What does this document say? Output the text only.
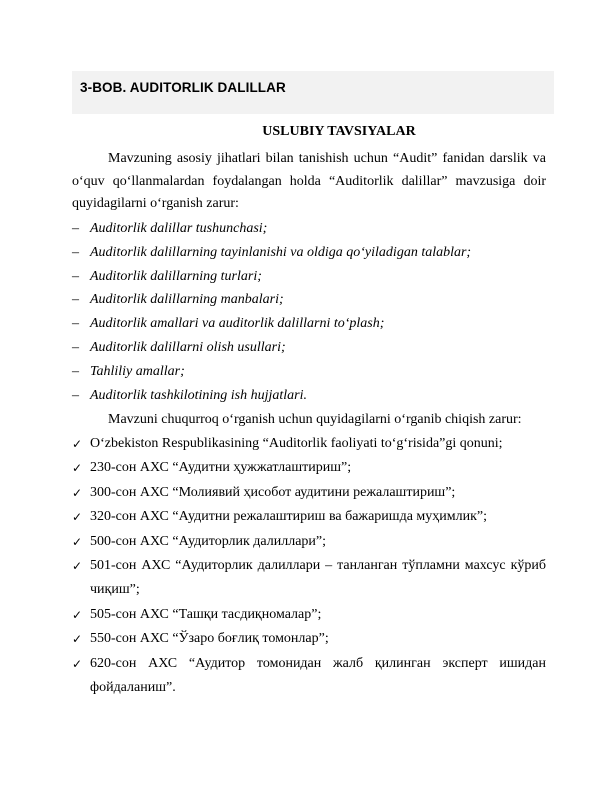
3-BOB. AUDITORLIK DALILLAR
USLUBIY TAVSIYALAR
Mavzuning asosiy jihatlari bilan tanishish uchun “Audit” fanidan darslik va o‘quv qo‘llanmalardan foydalangan holda “Auditorlik dalillar” mavzusiga doir quyidagilarni o‘rganish zarur:
– Auditorlik dalillar tushunchasi;
– Auditorlik dalillarning tayinlanishi va oldiga qo‘yiladigan talablar;
– Auditorlik dalillarning turlari;
– Auditorlik dalillarning manbalari;
– Auditorlik amallari va auditorlik dalillarni to‘plash;
– Auditorlik dalillarni olish usullari;
– Tahliliy amallar;
– Auditorlik tashkilotining ish hujjatlari.
Mavzuni chuqurroq o‘rganish uchun quyidagilarni o‘rganib chiqish zarur:
✓ O‘zbekiston Respublikasining “Auditorlik faoliyati to‘g‘risida”gi qonuni;
✓ 230-сон АХС “Аудитни ҳужжатлаштириш”;
✓ 300-сон АХС “Молиявий ҳисобот аудитини режалаштириш”;
✓ 320-сон АХС “Аудитни режалаштириш ва бажаришда муҳимлик”;
✓ 500-сон АХС “Аудиторлик далиллари”;
✓ 501-сон АХС “Аудиторлик далиллари – танланган тўпламни махсус кўриб
чиқиш”;
✓ 505-сон АХС “Ташқи тасдиқномалар”;
✓ 550-сон АХС “Ўзаро боғлиқ томонлар”;
✓ 620-сон АХС “Аудитор томонидан жалб қилинган эксперт ишидан
фойдаланиш”.
